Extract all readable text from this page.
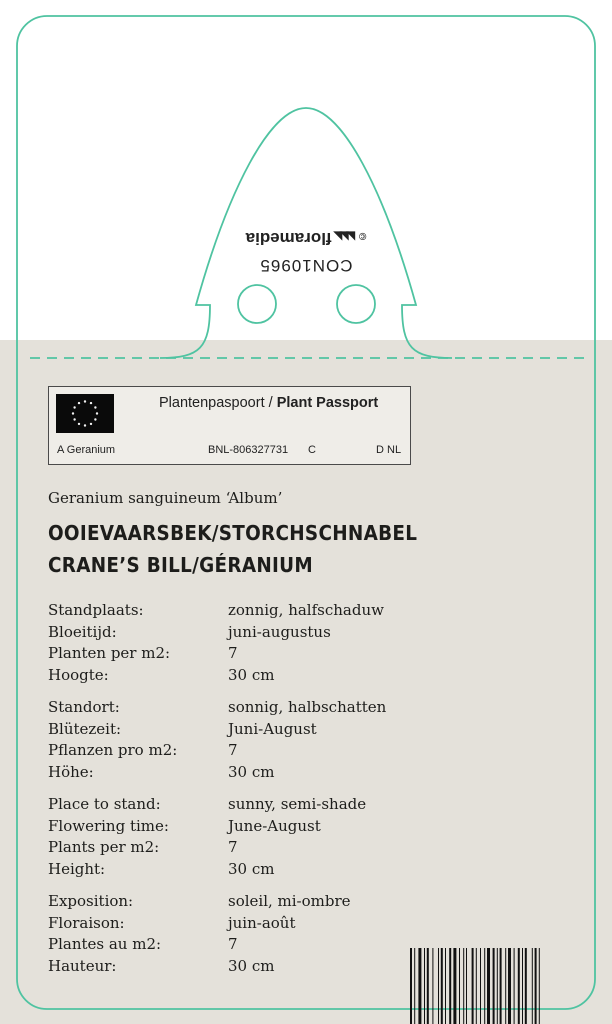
©◣◣◣floramedia
CON10965
Plantenpaspoort / Plant Passport
A Geranium	BNL-806327731 C	D NL
Geranium sanguineum ‘Album’
OOIEVAARSBEK/STORCHSCHNABEL
CRANE’S BILL/GÉRANIUM
Standplaats:	zonnig, halfschaduw
Bloeitijd:	juni-augustus
Planten per m2:	7
Hoogte:	30 cm
Standort:	sonnig, halbschatten
Blütezeit:	Juni-August
Pflanzen pro m2:	7
Höhe:	30 cm
Place to stand:	sunny, semi-shade
Flowering time:	June-August
Plants per m2:	7
Height:	30 cm
Exposition:	soleil, mi-ombre
Floraison:	juin-août
Plantes au m2:	7
Hauteur:	30 cm
